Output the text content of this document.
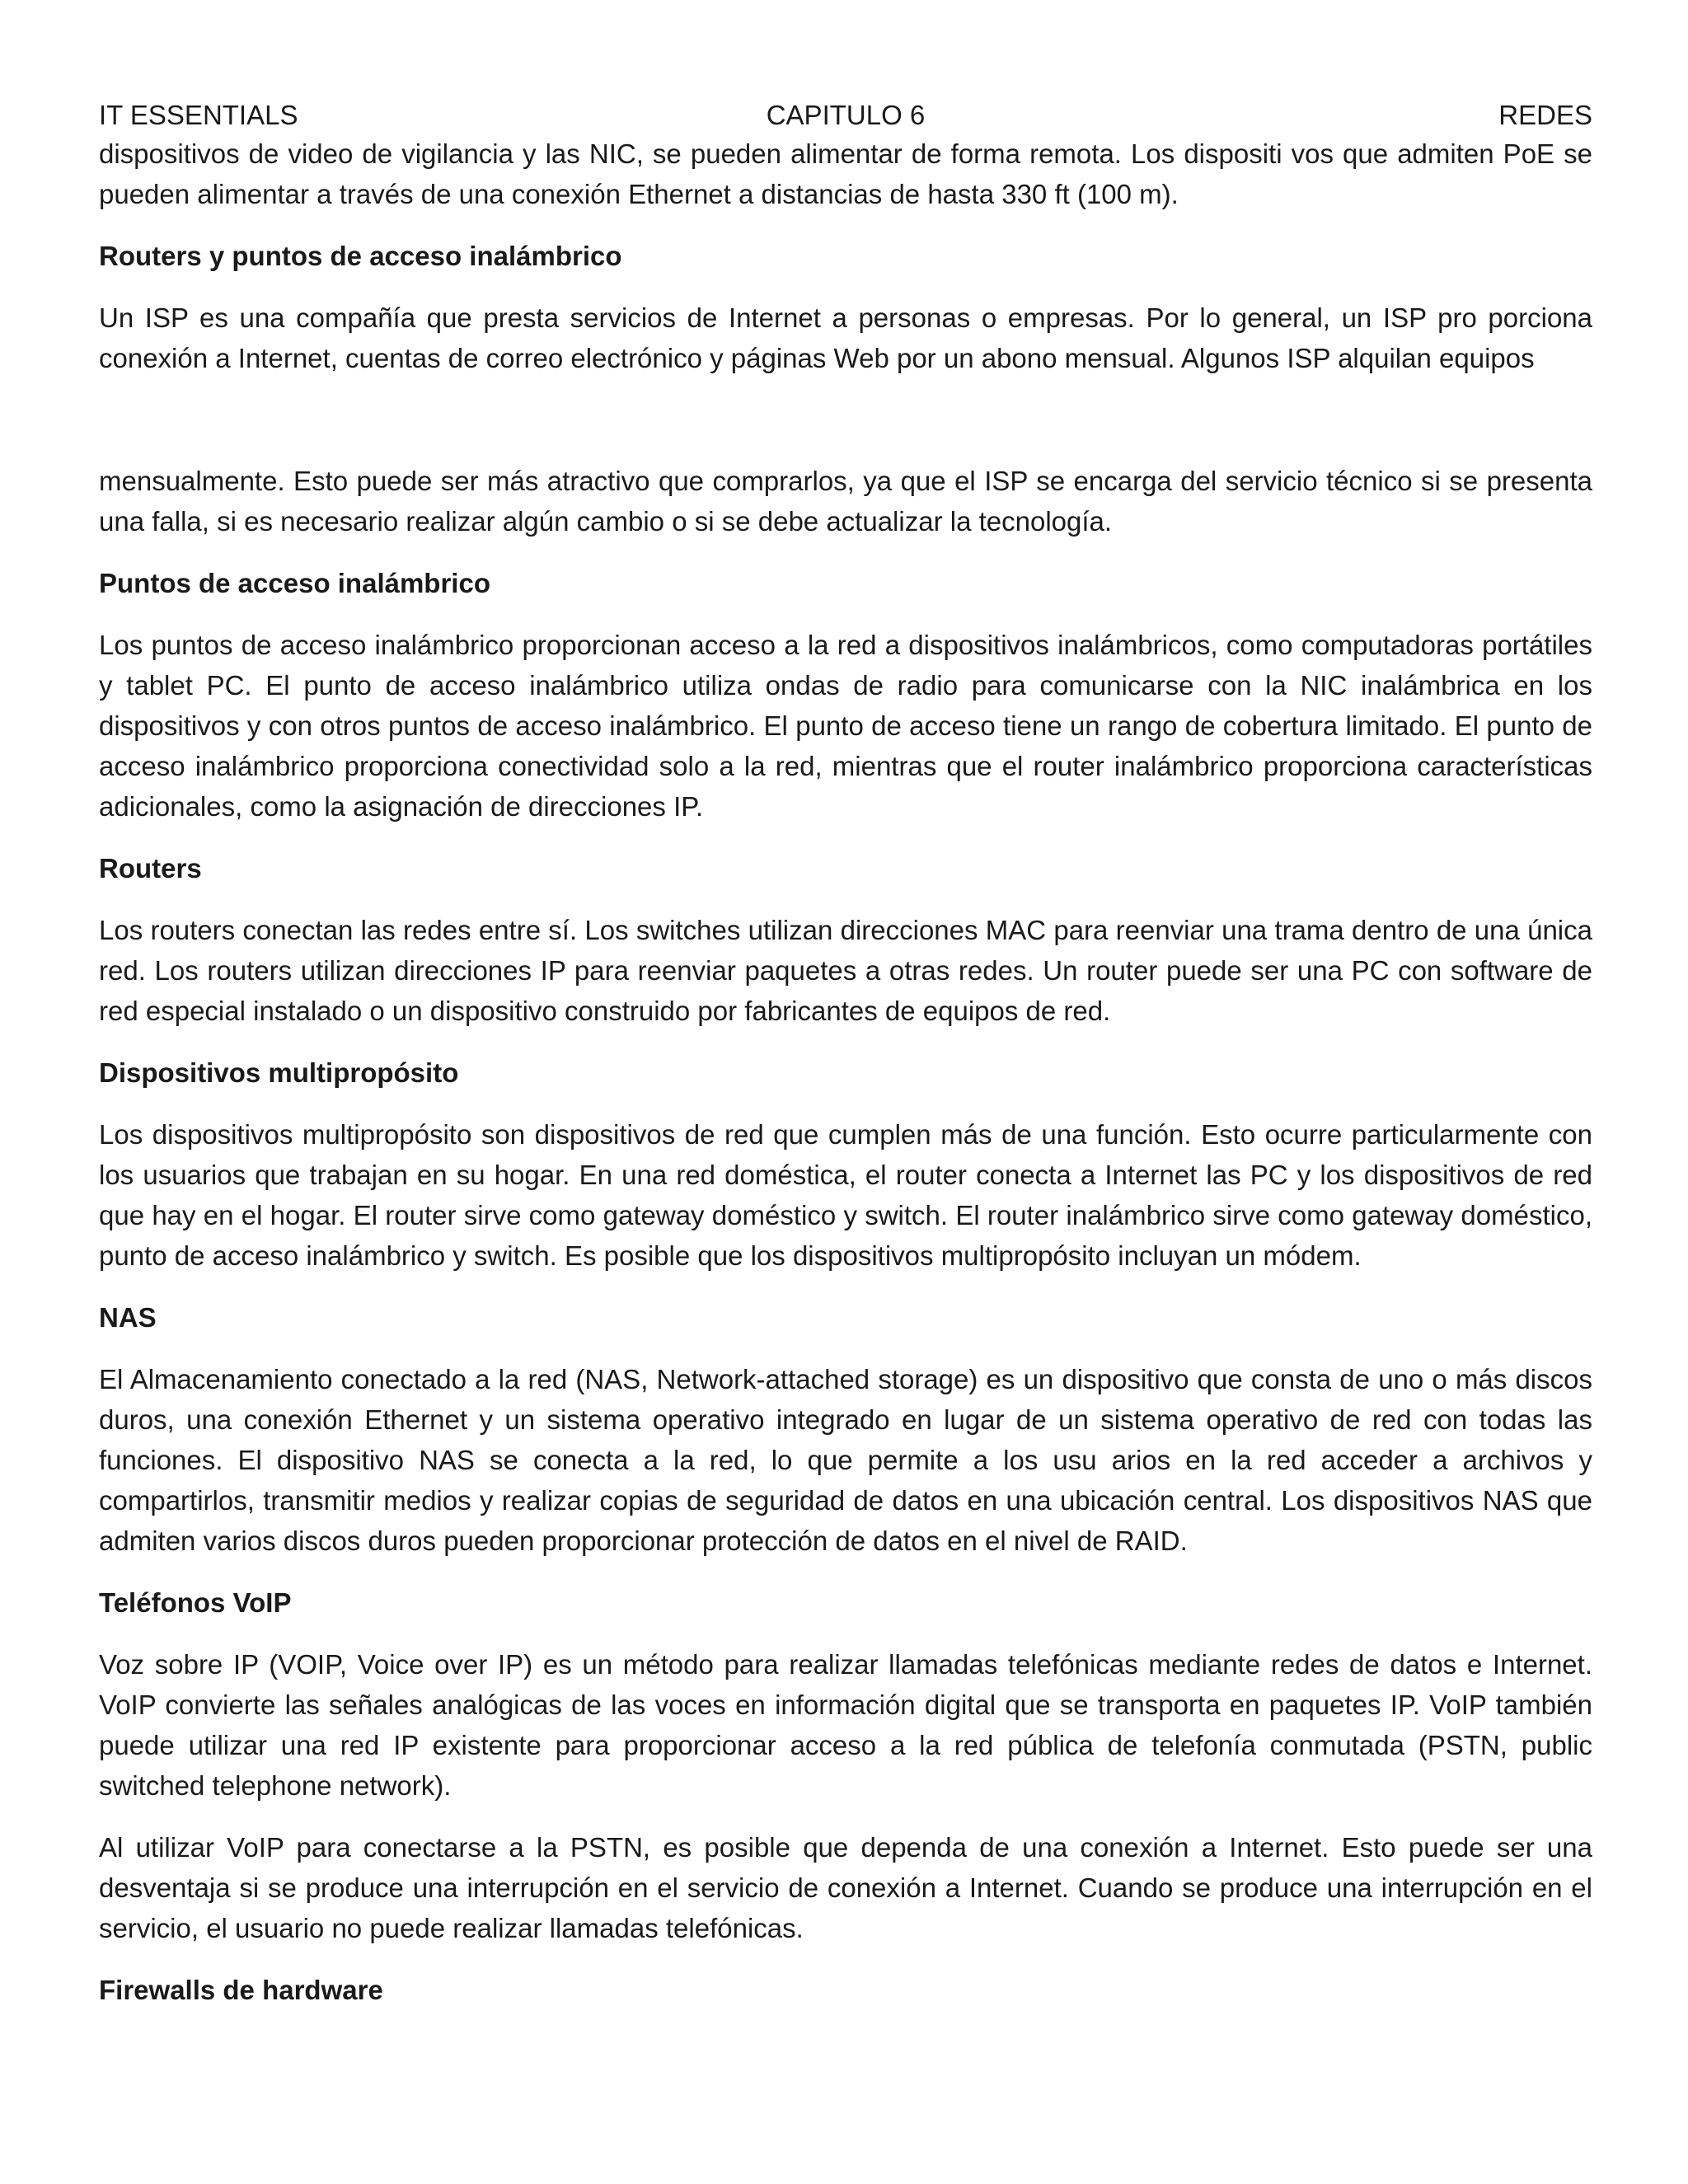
IT ESSENTIALS	CAPITULO 6	REDES

dispositivos de video de vigilancia y las NIC, se pueden alimentar de forma remota. Los dispositi vos que admiten PoE se pueden alimentar a través de una conexión Ethernet a distancias de hasta 330 ft (100 m).

Routers y puntos de acceso inalámbrico

Un ISP es una compañía que presta servicios de Internet a personas o empresas. Por lo general, un ISP pro porciona conexión a Internet, cuentas de correo electrónico y páginas Web por un abono mensual. Algunos ISP alquilan equipos

mensualmente. Esto puede ser más atractivo que comprarlos, ya que el ISP se encarga del servicio técnico si se presenta una falla, si es necesario realizar algún cambio o si se debe actualizar la tecnología.

Puntos de acceso inalámbrico

Los puntos de acceso inalámbrico proporcionan acceso a la red a dispositivos inalámbricos, como computadoras portátiles y tablet PC. El punto de acceso inalámbrico utiliza ondas de radio para comunicarse con la NIC inalámbrica en los dispositivos y con otros puntos de acceso inalámbrico. El punto de acceso tiene un rango de cobertura limitado. El punto de acceso inalámbrico proporciona conectividad solo a la red, mientras que el router inalámbrico proporciona características adicionales, como la asignación de direcciones IP.

Routers

Los routers conectan las redes entre sí. Los switches utilizan direcciones MAC para reenviar una trama dentro de una única red. Los routers utilizan direcciones IP para reenviar paquetes a otras redes. Un router puede ser una PC con software de red especial instalado o un dispositivo construido por fabricantes de equipos de red.

Dispositivos multipropósito

Los dispositivos multipropósito son dispositivos de red que cumplen más de una función. Esto ocurre particularmente con los usuarios que trabajan en su hogar. En una red doméstica, el router conecta a Internet las PC y los dispositivos de red que hay en el hogar. El router sirve como gateway doméstico y switch. El router inalámbrico sirve como gateway doméstico, punto de acceso inalámbrico y switch. Es posible que los dispositivos multipropósito incluyan un módem.

NAS

El Almacenamiento conectado a la red (NAS, Network-attached storage) es un dispositivo que consta de uno o más discos duros, una conexión Ethernet y un sistema operativo integrado en lugar de un sistema operativo de red con todas las funciones. El dispositivo NAS se conecta a la red, lo que permite a los usu arios en la red acceder a archivos y compartirlos, transmitir medios y realizar copias de seguridad de datos en una ubicación central. Los dispositivos NAS que admiten varios discos duros pueden proporcionar protección de datos en el nivel de RAID.

Teléfonos VoIP

Voz sobre IP (VOIP, Voice over IP) es un método para realizar llamadas telefónicas mediante redes de datos e Internet. VoIP convierte las señales analógicas de las voces en información digital que se transporta en paquetes IP. VoIP también puede utilizar una red IP existente para proporcionar acceso a la red pública de telefonía conmutada (PSTN, public switched telephone network).

Al utilizar VoIP para conectarse a la PSTN, es posible que dependa de una conexión a Internet. Esto puede ser una desventaja si se produce una interrupción en el servicio de conexión a Internet. Cuando se produce una interrupción en el servicio, el usuario no puede realizar llamadas telefónicas.

Firewalls de hardware
